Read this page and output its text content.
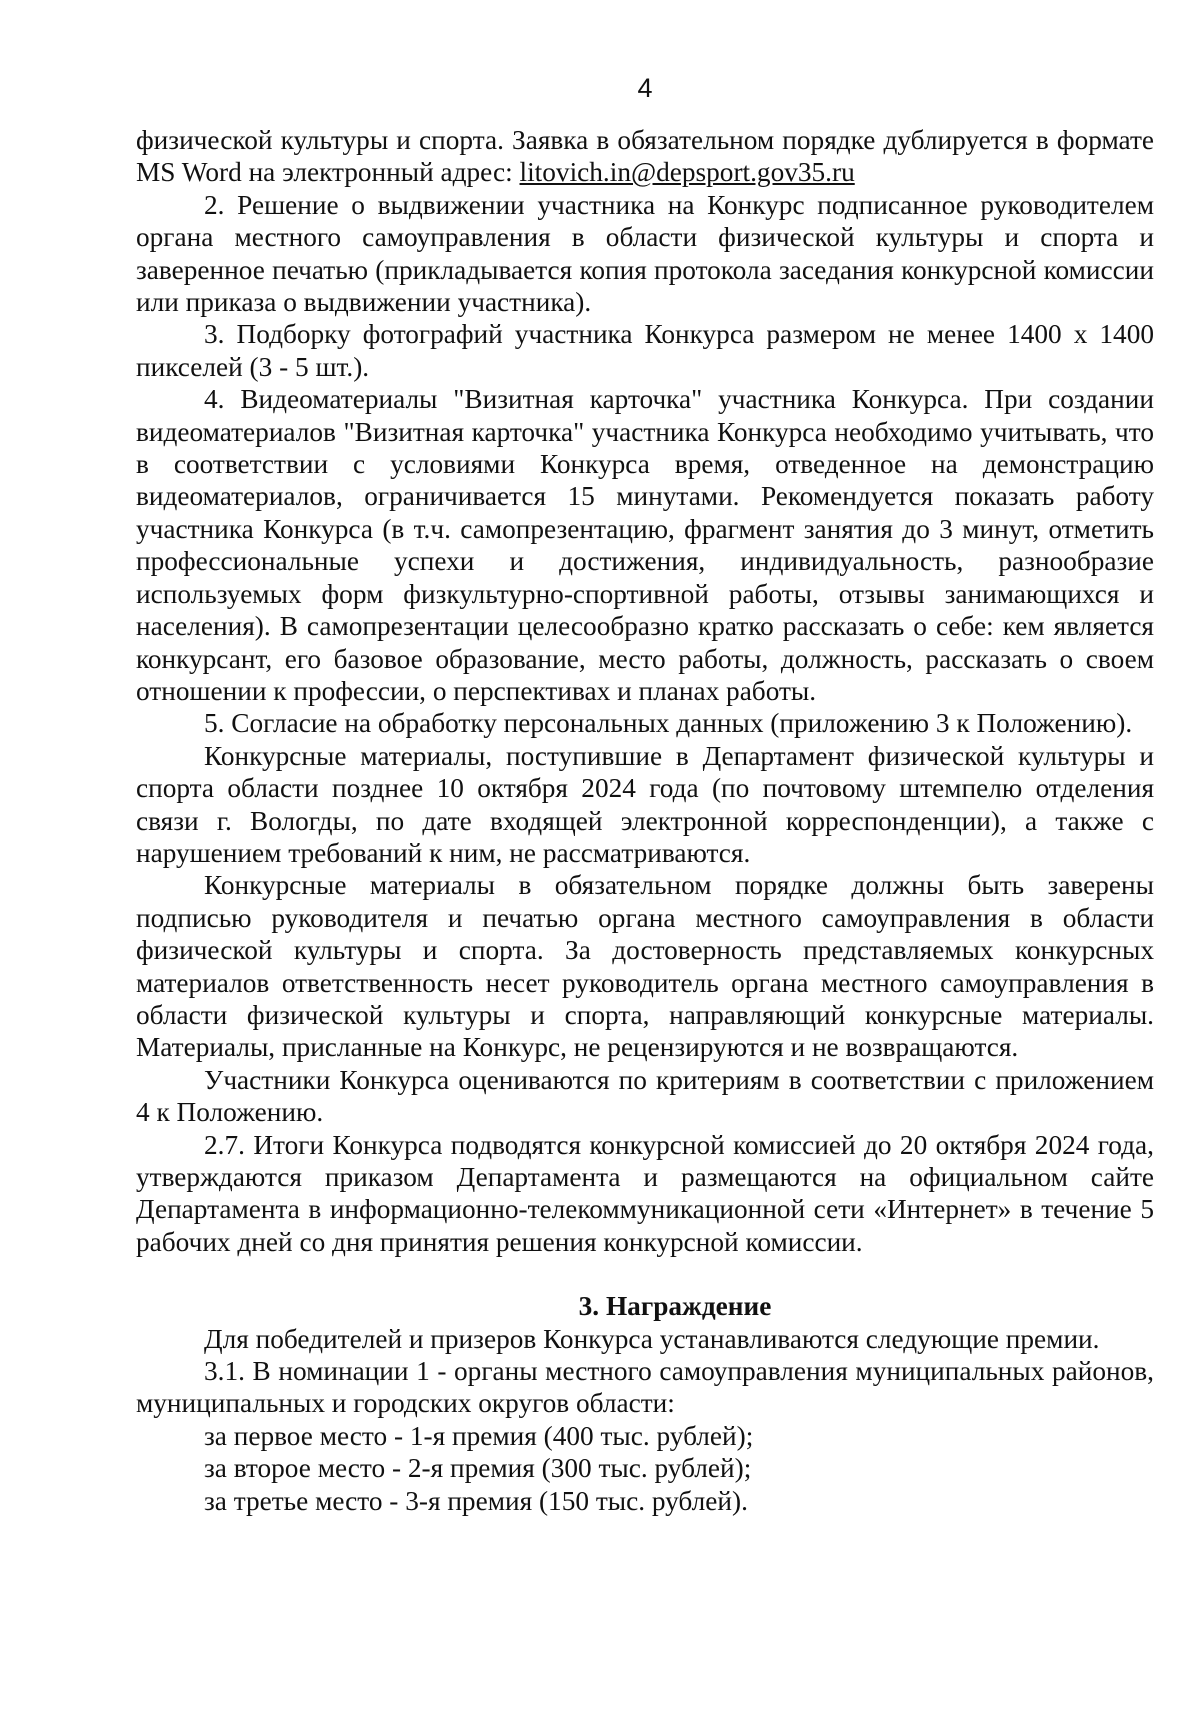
4

физической культуры и спорта. Заявка в обязательном порядке дублируется в формате MS Word на электронный адрес: litovich.in@depsport.gov35.ru

2. Решение о выдвижении участника на Конкурс подписанное руководителем органа местного самоуправления в области физической культуры и спорта и заверенное печатью (прикладывается копия протокола заседания конкурсной комиссии или приказа о выдвижении участника).

3. Подборку фотографий участника Конкурса размером не менее 1400 х 1400 пикселей (3 - 5 шт.).

4. Видеоматериалы "Визитная карточка" участника Конкурса. При создании видеоматериалов "Визитная карточка" участника Конкурса необходимо учитывать, что в соответствии с условиями Конкурса время, отведенное на демонстрацию видеоматериалов, ограничивается 15 минутами. Рекомендуется показать работу участника Конкурса (в т.ч. самопрезентацию, фрагмент занятия до 3 минут, отметить профессиональные успехи и достижения, индивидуальность, разнообразие используемых форм физкультурно-спортивной работы, отзывы занимающихся и населения). В самопрезентации целесообразно кратко рассказать о себе: кем является конкурсант, его базовое образование, место работы, должность, рассказать о своем отношении к профессии, о перспективах и планах работы.

5. Согласие на обработку персональных данных (приложению 3 к Положению).

Конкурсные материалы, поступившие в Департамент физической культуры и спорта области позднее 10 октября 2024 года (по почтовому штемпелю отделения связи г. Вологды, по дате входящей электронной корреспонденции), а также с нарушением требований к ним, не рассматриваются.

Конкурсные материалы в обязательном порядке должны быть заверены подписью руководителя и печатью органа местного самоуправления в области физической культуры и спорта. За достоверность представляемых конкурсных материалов ответственность несет руководитель органа местного самоуправления в области физической культуры и спорта, направляющий конкурсные материалы. Материалы, присланные на Конкурс, не рецензируются и не возвращаются.

Участники Конкурса оцениваются по критериям в соответствии с приложением 4 к Положению.

2.7. Итоги Конкурса подводятся конкурсной комиссией до 20 октября 2024 года, утверждаются приказом Департамента и размещаются на официальном сайте Департамента в информационно-телекоммуникационной сети «Интернет» в течение 5 рабочих дней со дня принятия решения конкурсной комиссии.

3. Награждение

Для победителей и призеров Конкурса устанавливаются следующие премии.

3.1. В номинации 1 - органы местного самоуправления муниципальных районов, муниципальных и городских округов области:

за первое место - 1-я премия (400 тыс. рублей);

за второе место - 2-я премия (300 тыс. рублей);

за третье место - 3-я премия (150 тыс. рублей).
